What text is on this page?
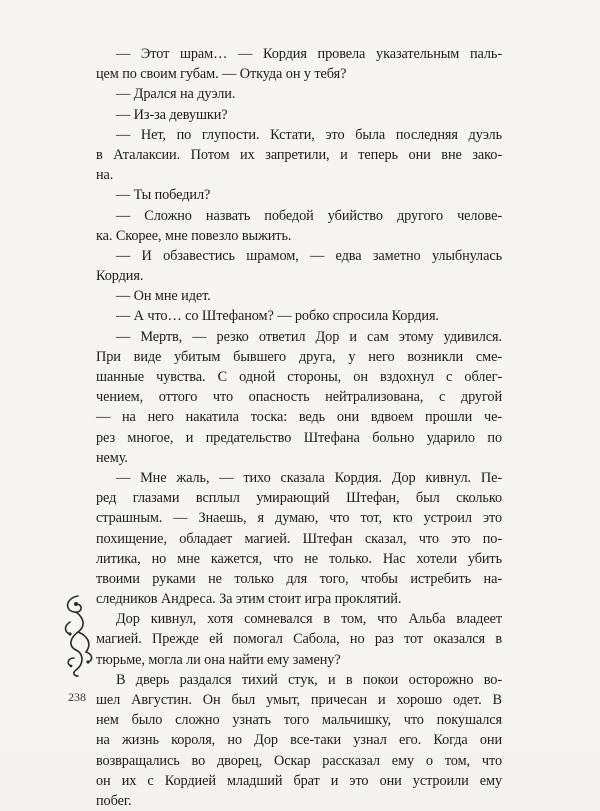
— Этот шрам… — Кордия провела указательным паль-
цем по своим губам. — Откуда он у тебя?
— Дрался на дуэли.
— Из-за девушки?
— Нет, по глупости. Кстати, это была последняя дуэль
в Аталаксии. Потом их запретили, и теперь они вне зако-
на.
— Ты победил?
— Сложно назвать победой убийство другого челове-
ка. Скорее, мне повезло выжить.
— И обзавестись шрамом, — едва заметно улыбнулась
Кордия.
— Он мне идет.
— А что… со Штефаном? — робко спросила Кордия.
— Мертв, — резко ответил Дор и сам этому удивился.
При виде убитым бывшего друга, у него возникли сме-
шанные чувства. С одной стороны, он вздохнул с облег-
чением, оттого что опасность нейтрализована, с другой
— на него накатила тоска: ведь они вдвоем прошли че-
рез многое, и предательство Штефана больно ударило по
нему.
— Мне жаль, — тихо сказала Кордия. Дор кивнул. Пе-
ред глазами всплыл умирающий Штефан, был сколько
страшным. — Знаешь, я думаю, что тот, кто устроил это
похищение, обладает магией. Штефан сказал, что это по-
литика, но мне кажется, что не только. Нас хотели убить
твоими руками не только для того, чтобы истребить на-
следников Андреса. За этим стоит игра проклятий.
Дор кивнул, хотя сомневался в том, что Альба владеет
магией. Прежде ей помогал Сабола, но раз тот оказался в
тюрьме, могла ли она найти ему замену?
В дверь раздался тихий стук, и в покои осторожно во-
шел Августин. Он был умыт, причесан и хорошо одет. В
нем было сложно узнать того мальчишку, что покушался
на жизнь короля, но Дор все-таки узнал его. Когда они
возвращались во дворец, Оскар рассказал ему о том, что
он их с Кордией младший брат и это они устроили ему
побег.
238
